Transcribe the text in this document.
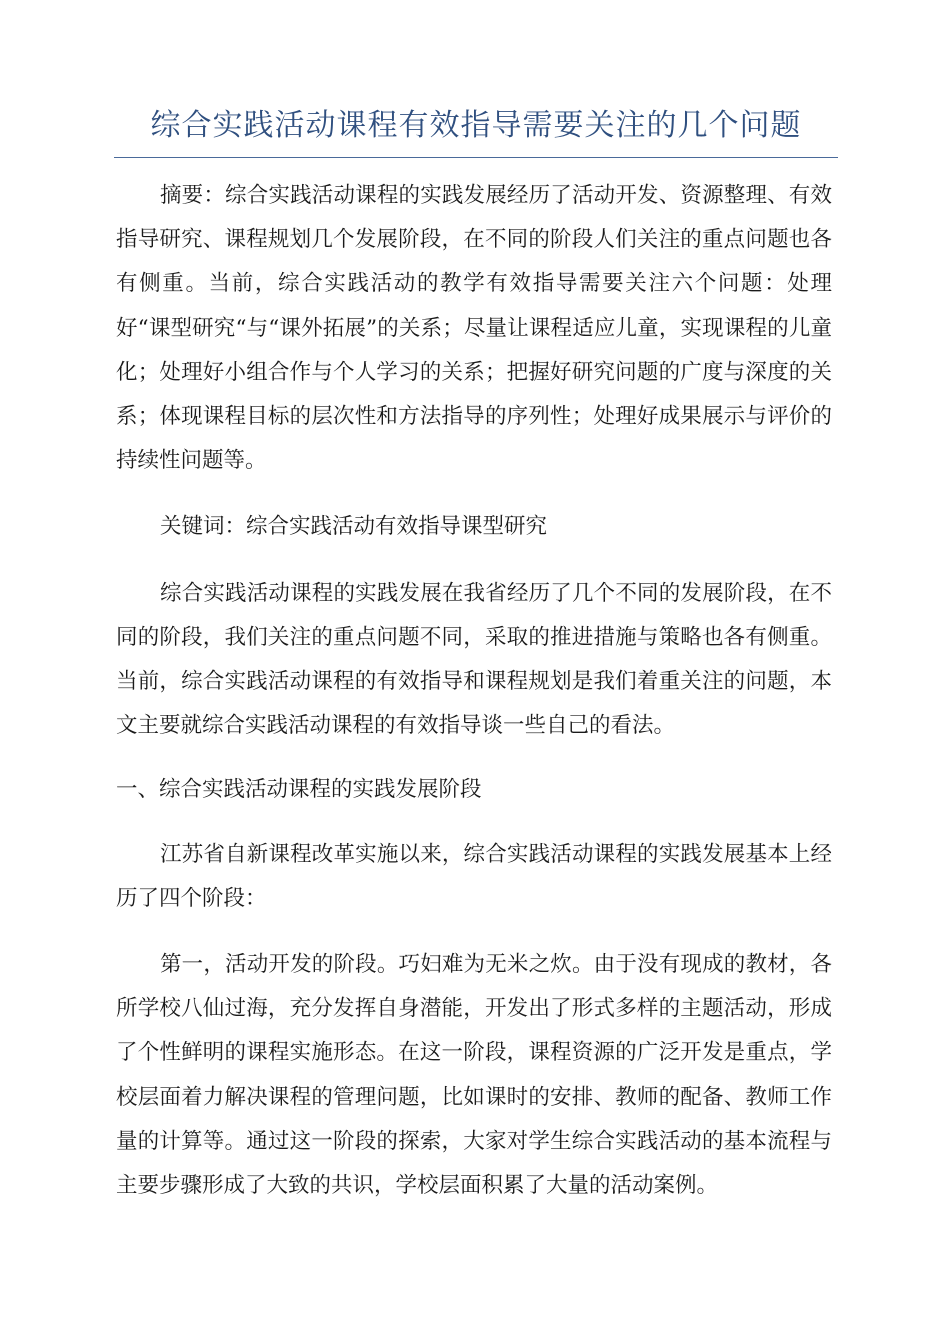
综合实践活动课程有效指导需要关注的几个问题

摘要：综合实践活动课程的实践发展经历了活动开发、资源整理、有效指导研究、课程规划几个发展阶段，在不同的阶段人们关注的重点问题也各有侧重。当前，综合实践活动的教学有效指导需要关注六个问题：处理好“课型研究“与“课外拓展”的关系；尽量让课程适应儿童，实现课程的儿童化；处理好小组合作与个人学习的关系；把握好研究问题的广度与深度的关系；体现课程目标的层次性和方法指导的序列性；处理好成果展示与评价的持续性问题等。

关键词：综合实践活动有效指导课型研究

综合实践活动课程的实践发展在我省经历了几个不同的发展阶段，在不同的阶段，我们关注的重点问题不同，采取的推进措施与策略也各有侧重。当前，综合实践活动课程的有效指导和课程规划是我们着重关注的问题，本文主要就综合实践活动课程的有效指导谈一些自己的看法。

一、综合实践活动课程的实践发展阶段

江苏省自新课程改革实施以来，综合实践活动课程的实践发展基本上经历了四个阶段：

第一，活动开发的阶段。巧妇难为无米之炊。由于没有现成的教材，各所学校八仙过海，充分发挥自身潜能，开发出了形式多样的主题活动，形成了个性鲜明的课程实施形态。在这一阶段，课程资源的广泛开发是重点，学校层面着力解决课程的管理问题，比如课时的安排、教师的配备、教师工作量的计算等。通过这一阶段的探索，大家对学生综合实践活动的基本流程与主要步骤形成了大致的共识，学校层面积累了大量的活动案例。
